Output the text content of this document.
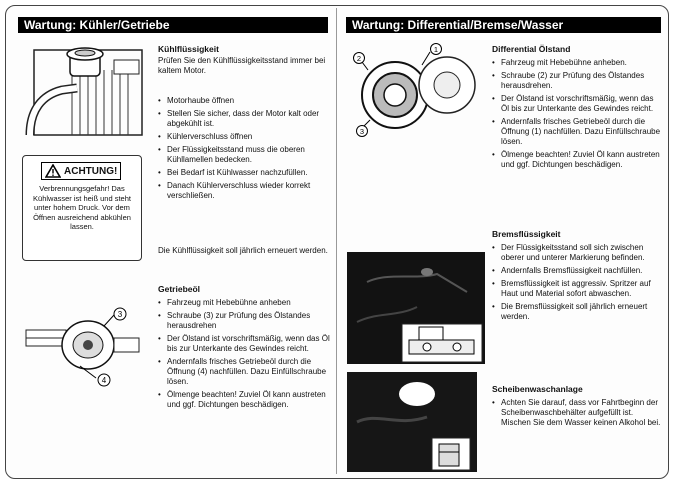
Wartung: Kühler/Getriebe
Kühlflüssigkeit
Prüfen Sie den Kühlflüssigkeitsstand immer bei kaltem Motor.
• Motorhaube öffnen
• Stellen Sie sicher, dass der Motor kalt oder abgekühlt ist.
• Kühlerverschluss öffnen
• Der Flüssigkeitsstand muss die oberen Kühllamellen bedecken.
• Bei Bedarf ist Kühlwasser nachzufüllen.
• Danach Kühlerverschluss wieder korrekt verschließen.
Die Kühlflüssigkeit soll jährlich erneuert werden.
ACHTUNG!
Verbrennungsgefahr! Das Kühlwasser ist heiß und steht unter hohem Druck. Vor dem Öffnen ausreichend abkühlen lassen.
Getriebeöl
• Fahrzeug mit Hebebühne anheben
• Schraube (3) zur Prüfung des Ölstandes herausdrehen
• Der Ölstand ist vorschriftsmäßig, wenn das Öl bis zur Unterkante des Gewindes reicht.
• Andernfalls frisches Getriebeöl durch die Öffnung (4) nachfüllen. Dazu Einfüllschraube lösen.
• Ölmenge beachten! Zuviel Öl kann austreten und ggf. Dichtungen beschädigen.
3
4
Wartung: Differential/Bremse/Wasser
1
2
3
Differential Ölstand
• Fahrzeug mit Hebebühne anheben.
• Schraube (2) zur Prüfung des Ölstandes herausdrehen.
• Der Ölstand ist vorschriftsmäßig, wenn das Öl bis zur Unterkante des Gewindes reicht.
• Andernfalls frisches Getriebeöl durch die Öffnung (1) nachfüllen. Dazu Einfüllschraube lösen.
• Ölmenge beachten! Zuviel Öl kann austreten und ggf. Dichtungen beschädigen.
Bremsflüssigkeit
• Der Flüssigkeitsstand soll sich zwischen oberer und unterer Markierung befinden.
• Andernfalls Bremsflüssigkeit nachfüllen.
• Bremsflüssigkeit ist aggressiv. Spritzer auf Haut und Material sofort abwaschen.
• Die Bremsflüssigkeit soll jährlich erneuert werden.
Scheibenwaschanlage
• Achten Sie darauf, dass vor Fahrtbeginn der Scheibenwaschbehälter aufgefüllt ist. Mischen Sie dem Wasser keinen Alkohol bei.
